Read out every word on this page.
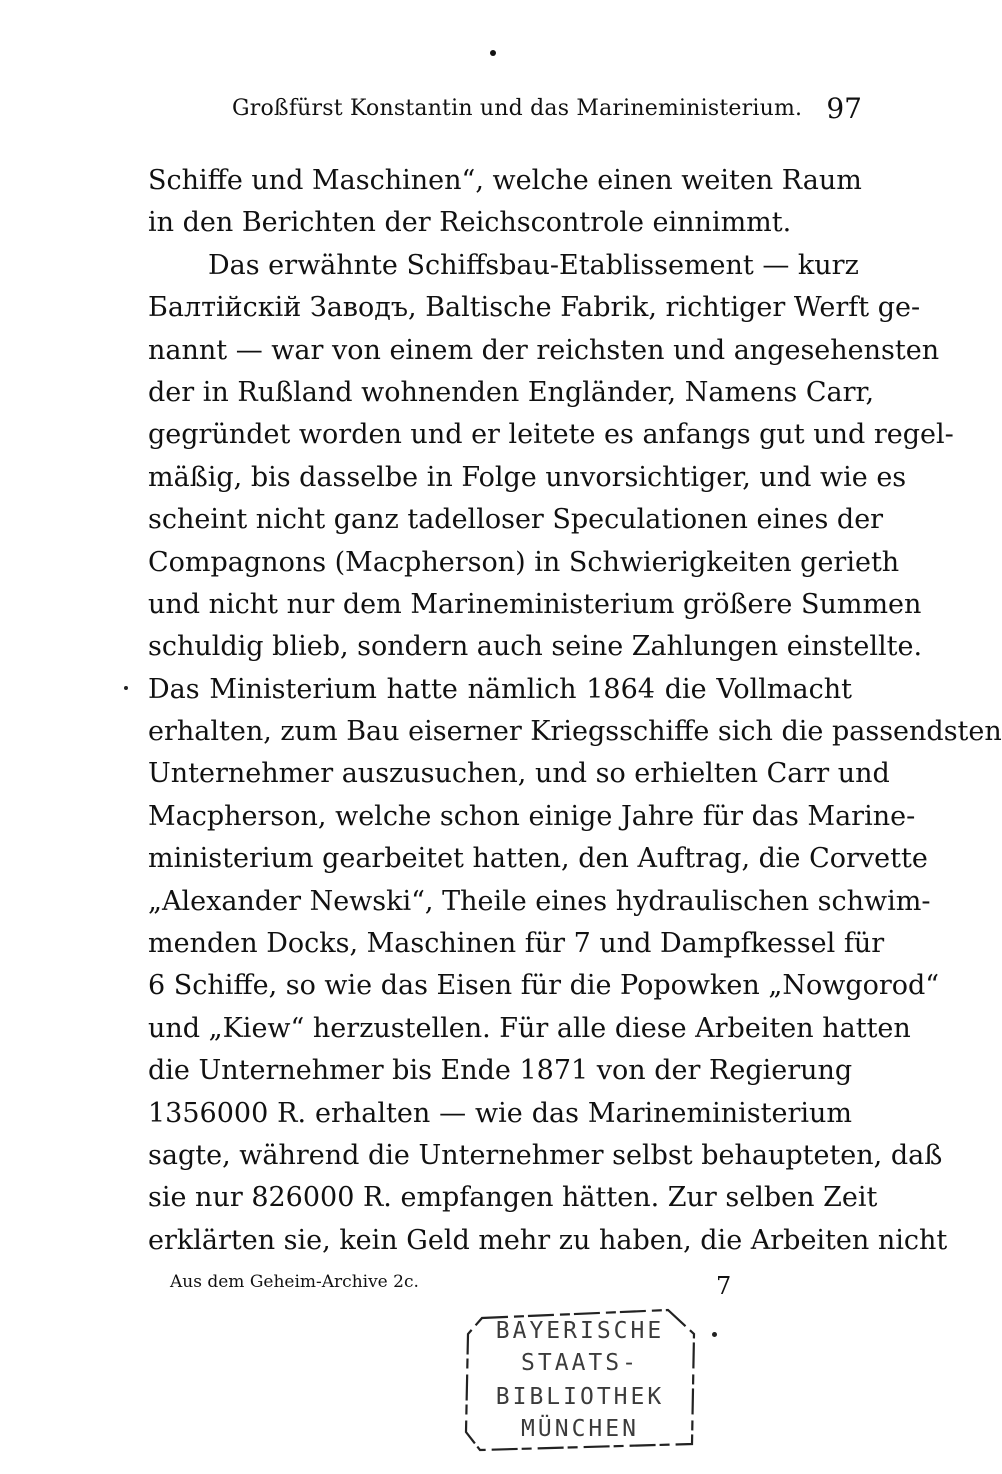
Großfürst Konstantin und das Marineministerium. 97
Schiffe und Maschinen“, welche einen weiten Raum
in den Berichten der Reichscontrole einnimmt.
Das erwähnte Schiffsbau-Etablissement — kurz
Балтійскій Заводъ, Baltische Fabrik, richtiger Werft ge-
nannt — war von einem der reichsten und angesehensten
der in Rußland wohnenden Engländer, Namens Carr,
gegründet worden und er leitete es anfangs gut und regel-
mäßig, bis dasselbe in Folge unvorsichtiger, und wie es
scheint nicht ganz tadelloser Speculationen eines der
Compagnons (Macpherson) in Schwierigkeiten gerieth
und nicht nur dem Marineministerium größere Summen
schuldig blieb, sondern auch seine Zahlungen einstellte.
Das Ministerium hatte nämlich 1864 die Vollmacht
erhalten, zum Bau eiserner Kriegsschiffe sich die passendsten
Unternehmer auszusuchen, und so erhielten Carr und
Macpherson, welche schon einige Jahre für das Marine-
ministerium gearbeitet hatten, den Auftrag, die Corvette
„Alexander Newski“, Theile eines hydraulischen schwim-
menden Docks, Maschinen für 7 und Dampfkessel für
6 Schiffe, so wie das Eisen für die Popowken „Nowgorod“
und „Kiew“ herzustellen. Für alle diese Arbeiten hatten
die Unternehmer bis Ende 1871 von der Regierung
1356000 R. erhalten — wie das Marineministerium
sagte, während die Unternehmer selbst behaupteten, daß
sie nur 826000 R. empfangen hätten. Zur selben Zeit
erklärten sie, kein Geld mehr zu haben, die Arbeiten nicht
Aus dem Geheim-Archive 2c.	7
BAYERISCHE
STAATS-
BIBLIOTHEK
MÜNCHEN
